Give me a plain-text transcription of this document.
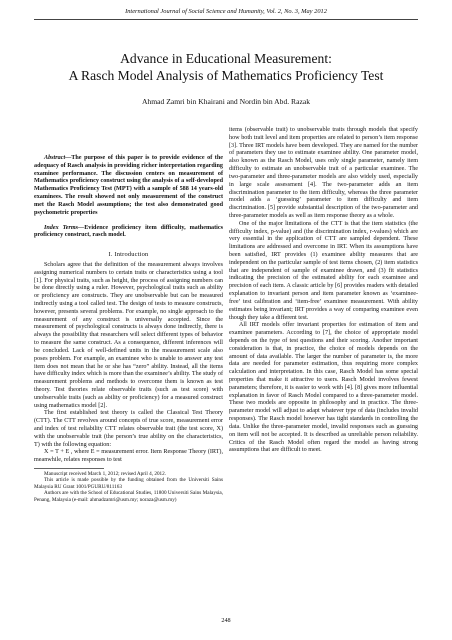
International Journal of Social Science and Humanity, Vol. 2, No. 3, May 2012
Advance in Educational Measurement:
A Rasch Model Analysis of Mathematics Proficiency Test
Ahmad Zamri bin Khairani and Nordin bin Abd. Razak

Abstract—The purpose of this paper is to provide evidence of the adequacy of Rasch analysis in providing richer interpretation regarding examinee performance. The discussion centers on measurement of Mathematics proficiency construct using the analysis of a self-developed Mathematics Proficiency Test (MPT) with a sample of 588 14 years-old examinees. The result showed not only measurement of the construct met the Rasch Model assumptions; the test also demonstrated good psychometric properties

Index Terms—Evidence proficiency item difficulty, mathematics proficiency construct, rasch model.

I. Introduction

Scholars agree that the definition of the measurement always involves assigning numerical numbers to certain traits or characteristics using a tool [1]. For physical traits, such as height, the process of assigning numbers can be done directly using a ruler. However, psychological traits such as ability or proficiency are constructs. They are unobservable but can be measured indirectly using a tool called test. The design of tests to measure constructs, however, presents several problems. For example, no single approach to the measurement of any construct is universally accepted. Since the measurement of psychological constructs is always done indirectly, there is always the possibility that researchers will select different types of behavior to measure the same construct. As a consequence, different inferences will be concluded. Lack of well-defined units in the measurement scale also poses problem. For example, an examinee who is unable to answer any test item does not mean that he or she has “zero” ability. Instead, all the items have difficulty index which is more than the examinee’s ability. The study of measurement problems and methods to overcome them is known as test theory. Test theories relate observable traits (such as test score) with unobservable traits (such as ability or proficiency) for a measured construct using mathematics model [2].

The first established test theory is called the Classical Test Theory (CTT). The CTT revolves around concepts of true score, measurement error and index of test reliability CTT relates observable trait (the test score, X) with the unobservable trait (the person’s true ability on the characteristics, T) with the following equation:

X = T + E , where E = measurement error. Item Response Theory (IRT), meanwhile, relates responses to test

Manuscript received March 1, 2012; revised April 4, 2012.

This article is made possible by the funding obtained from the Universiti Sains Malaysia RU Grant 1001/PGURU/811163

Authors are with the School of Educational Studies, 11800 Universiti Sains Malaysia, Penang, Malaysia (e-mail: ahmadzamri@usm.my; noraza@usm.my)

items (observable trait) to unobservable traits through models that specify how both trait level and item properties are related to person’s item response [3]. Three IRT models have been developed. They are named for the number of parameters they use to estimate examinee ability. One parameter model, also known as the Rasch Model, uses only single parameter, namely item difficulty to estimate an unobservable trait of a particular examinee. The two-parameter and three-parameter models are also widely used, especially in large scale assessment [4]. The two-parameter adds an item discrimination parameter to the item difficulty, whereas the three parameter model adds a ‘guessing’ parameter to item difficulty and item discrimination. [5] provide substantial description of the two-parameter and three-parameter models as well as item response theory as a whole.

One of the major limitations of the CTT is that the item statistics (the difficulty index, p-value) and (the discrimination index, r-values) which are very essential in the application of CTT are sampled dependent. These limitations are addressed and overcome in IRT. When its assumptions have been satisfied, IRT provides (1) examinee ability measures that are independent on the particular sample of test items chosen, (2) item statistics that are independent of sample of examinee drawn, and (3) fit statistics indicating the precision of the estimated ability for each examinee and precision of each item. A classic article by [6] provides readers with detailed explanation to invariant person and item parameter known as ‘examinee-free’ test calibration and ‘item-free’ examinee measurement. With ability estimates being invariant; IRT provides a way of comparing examinee even though they take a different test.

All IRT models offer invariant properties for estimation of item and examinee parameters. According to [7], the choice of appropriate model depends on the type of test questions and their scoring. Another important consideration is that, in practice, the choice of models depends on the amount of data available. The larger the number of parameter is, the more data are needed for parameter estimation, thus requiring more complex calculation and interpretation. In this case, Rasch Model has some special properties that make it attractive to users. Rasch Model involves fewest parameters; therefore, it is easier to work with [4]. [8] gives more influential explanation in favor of Rasch Model compared to a three-parameter model. These two models are opposite in philosophy and in practice. The three-parameter model will adjust to adapt whatever type of data (includes invalid responses). The Rasch model however has tight standards in controlling the data. Unlike the three-parameter model, invalid responses such as guessing on item will not be accepted. It is described as unreliable person reliability. Critics of the Rasch Model often regard the model as having strong assumptions that are difficult to meet.

248
